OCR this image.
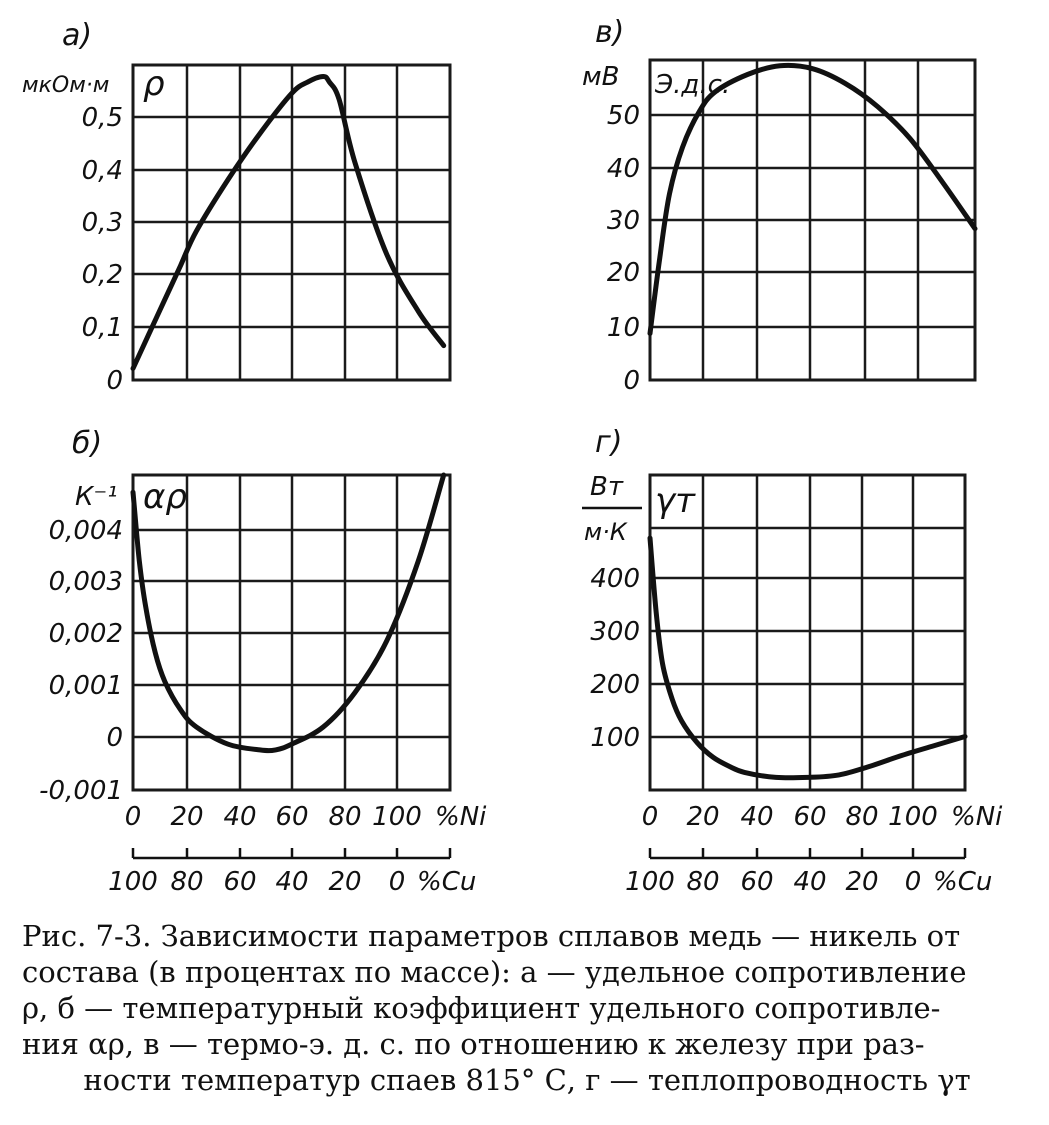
а)
мкОм·м ρ
0
0,1
0,2
0,3
0,4
0,5
в)
мВ Э.д.с.
0
10
20
30
40
50
б)
К⁻¹ αρ
-0,001
0
0,001
0,002
0,003
0,004
0 20 40 60 80 100 %Ni
100 80 60 40 20 0 %Cu
г)
Вт
м·К
γт
100
200
300
400
0 20 40 60 80 100 %Ni
100 80 60 40 20 0 %Cu
Рис. 7-3. Зависимости параметров сплавов медь — никель от
состава (в процентах по массе): а — удельное сопротивление
ρ, б — температурный коэффициент удельного сопротивле-
ния αρ, в — термо-э. д. с. по отношению к железу при раз-
ности температур спаев 815° С, г — теплопроводность γт
